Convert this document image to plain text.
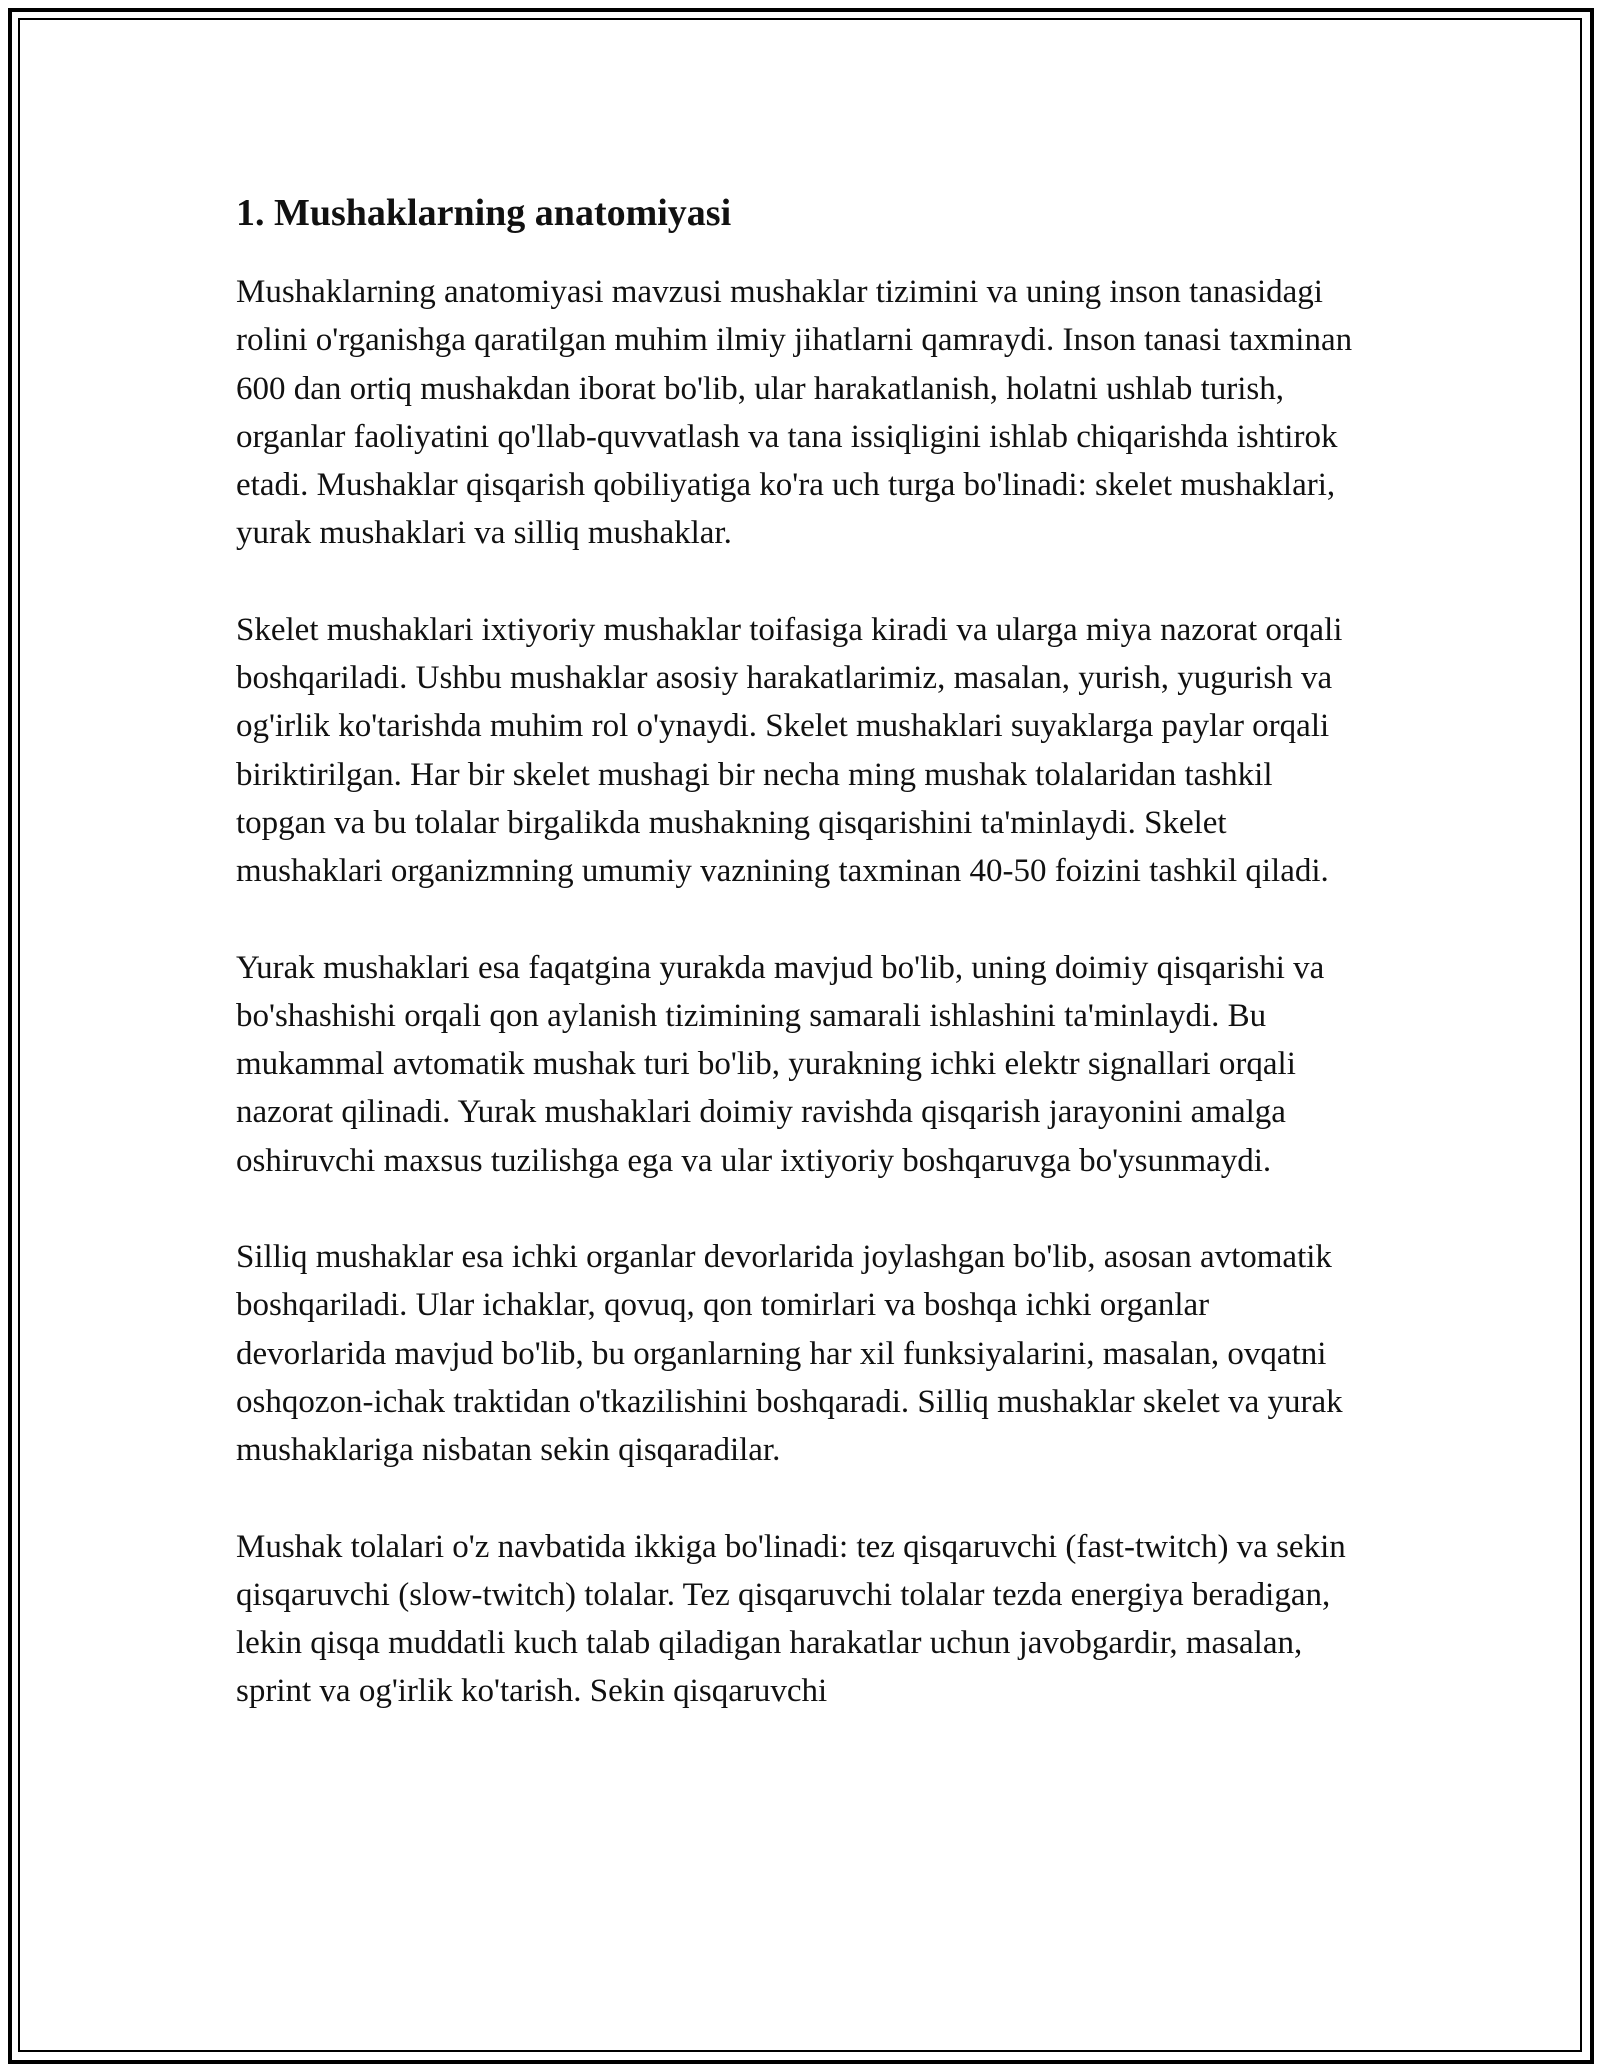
1. Mushaklarning anatomiyasi

Mushaklarning anatomiyasi mavzusi mushaklar tizimini va uning inson tanasidagi rolini o'rganishga qaratilgan muhim ilmiy jihatlarni qamraydi. Inson tanasi taxminan 600 dan ortiq mushakdan iborat bo'lib, ular harakatlanish, holatni ushlab turish, organlar faoliyatini qo'llab-quvvatlash va tana issiqligini ishlab chiqarishda ishtirok etadi. Mushaklar qisqarish qobiliyatiga ko'ra uch turga bo'linadi: skelet mushaklari, yurak mushaklari va silliq mushaklar.

Skelet mushaklari ixtiyoriy mushaklar toifasiga kiradi va ularga miya nazorat orqali boshqariladi. Ushbu mushaklar asosiy harakatlarimiz, masalan, yurish, yugurish va og'irlik ko'tarishda muhim rol o'ynaydi. Skelet mushaklari suyaklarga paylar orqali biriktirilgan. Har bir skelet mushagi bir necha ming mushak tolalaridan tashkil topgan va bu tolalar birgalikda mushakning qisqarishini ta'minlaydi. Skelet mushaklari organizmning umumiy vaznining taxminan 40-50 foizini tashkil qiladi.

Yurak mushaklari esa faqatgina yurakda mavjud bo'lib, uning doimiy qisqarishi va bo'shashishi orqali qon aylanish tizimining samarali ishlashini ta'minlaydi. Bu mukammal avtomatik mushak turi bo'lib, yurakning ichki elektr signallari orqali nazorat qilinadi. Yurak mushaklari doimiy ravishda qisqarish jarayonini amalga oshiruvchi maxsus tuzilishga ega va ular ixtiyoriy boshqaruvga bo'ysunmaydi.

Silliq mushaklar esa ichki organlar devorlarida joylashgan bo'lib, asosan avtomatik boshqariladi. Ular ichaklar, qovuq, qon tomirlari va boshqa ichki organlar devorlarida mavjud bo'lib, bu organlarning har xil funksiyalarini, masalan, ovqatni oshqozon-ichak traktidan o'tkazilishini boshqaradi. Silliq mushaklar skelet va yurak mushaklariga nisbatan sekin qisqaradilar.

Mushak tolalari o'z navbatida ikkiga bo'linadi: tez qisqaruvchi (fast-twitch) va sekin qisqaruvchi (slow-twitch) tolalar. Tez qisqaruvchi tolalar tezda energiya beradigan, lekin qisqa muddatli kuch talab qiladigan harakatlar uchun javobgardir, masalan, sprint va og'irlik ko'tarish. Sekin qisqaruvchi
